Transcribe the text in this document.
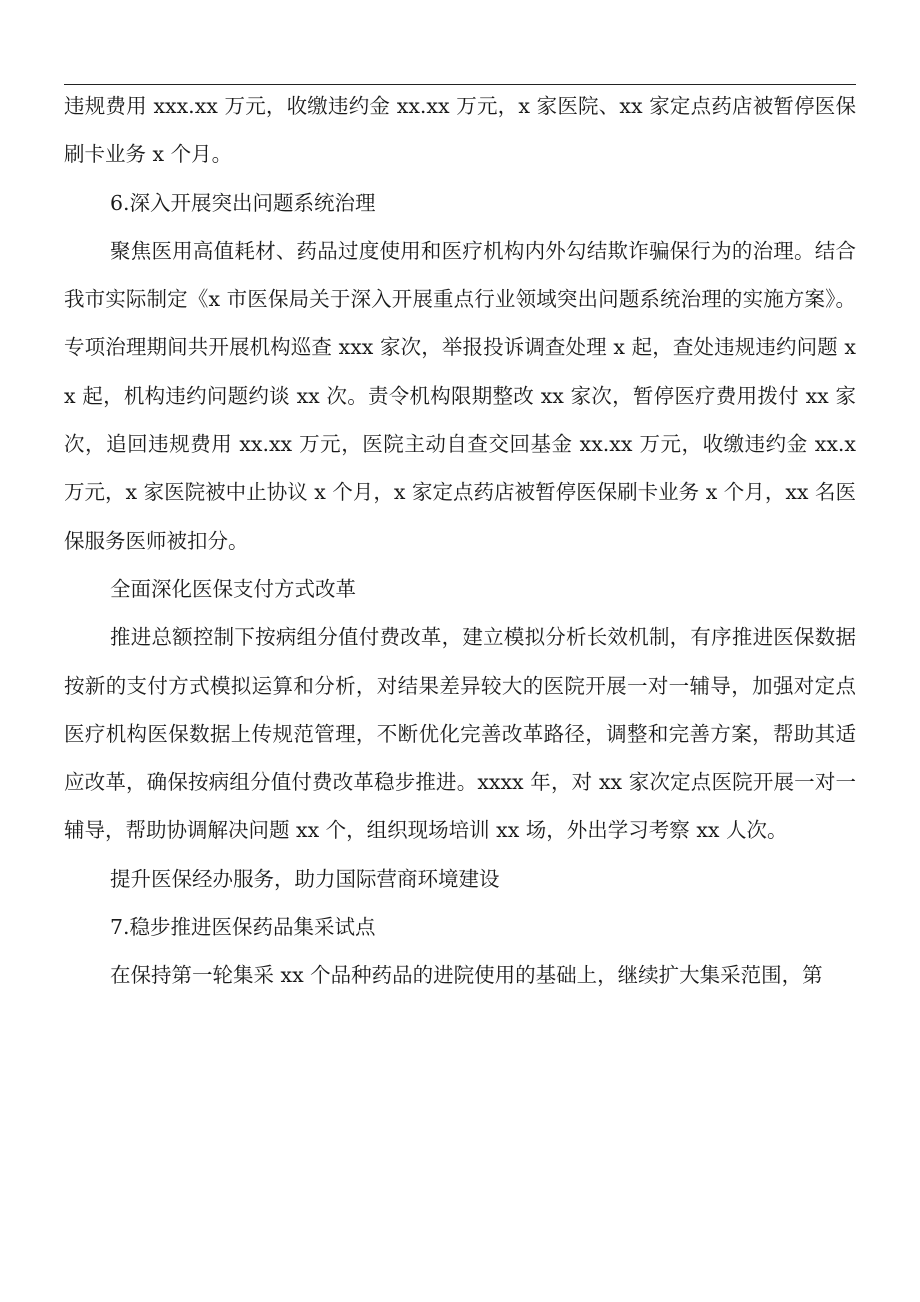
违规费用 xxx.xx 万元，收缴违约金 xx.xx 万元，x 家医院、xx 家定点药店被暂停医保刷卡业务 x 个月。

6.深入开展突出问题系统治理

聚焦医用高值耗材、药品过度使用和医疗机构内外勾结欺诈骗保行为的治理。结合我市实际制定《x 市医保局关于深入开展重点行业领域突出问题系统治理的实施方案》。专项治理期间共开展机构巡查 xxx 家次，举报投诉调查处理 x 起，查处违规违约问题 xx 起，机构违约问题约谈 xx 次。责令机构限期整改 xx 家次，暂停医疗费用拨付 xx 家次，追回违规费用 xx.xx 万元，医院主动自查交回基金 xx.xx 万元，收缴违约金 xx.x 万元，x 家医院被中止协议 x 个月，x 家定点药店被暂停医保刷卡业务 x 个月，xx 名医保服务医师被扣分。

全面深化医保支付方式改革

推进总额控制下按病组分值付费改革，建立模拟分析长效机制，有序推进医保数据按新的支付方式模拟运算和分析，对结果差异较大的医院开展一对一辅导，加强对定点医疗机构医保数据上传规范管理，不断优化完善改革路径，调整和完善方案，帮助其适应改革，确保按病组分值付费改革稳步推进。xxxx 年，对 xx 家次定点医院开展一对一辅导，帮助协调解决问题 xx 个，组织现场培训 xx 场，外出学习考察 xx 人次。

提升医保经办服务，助力国际营商环境建设

7.稳步推进医保药品集采试点

在保持第一轮集采 xx 个品种药品的进院使用的基础上，继续扩大集采范围，第
